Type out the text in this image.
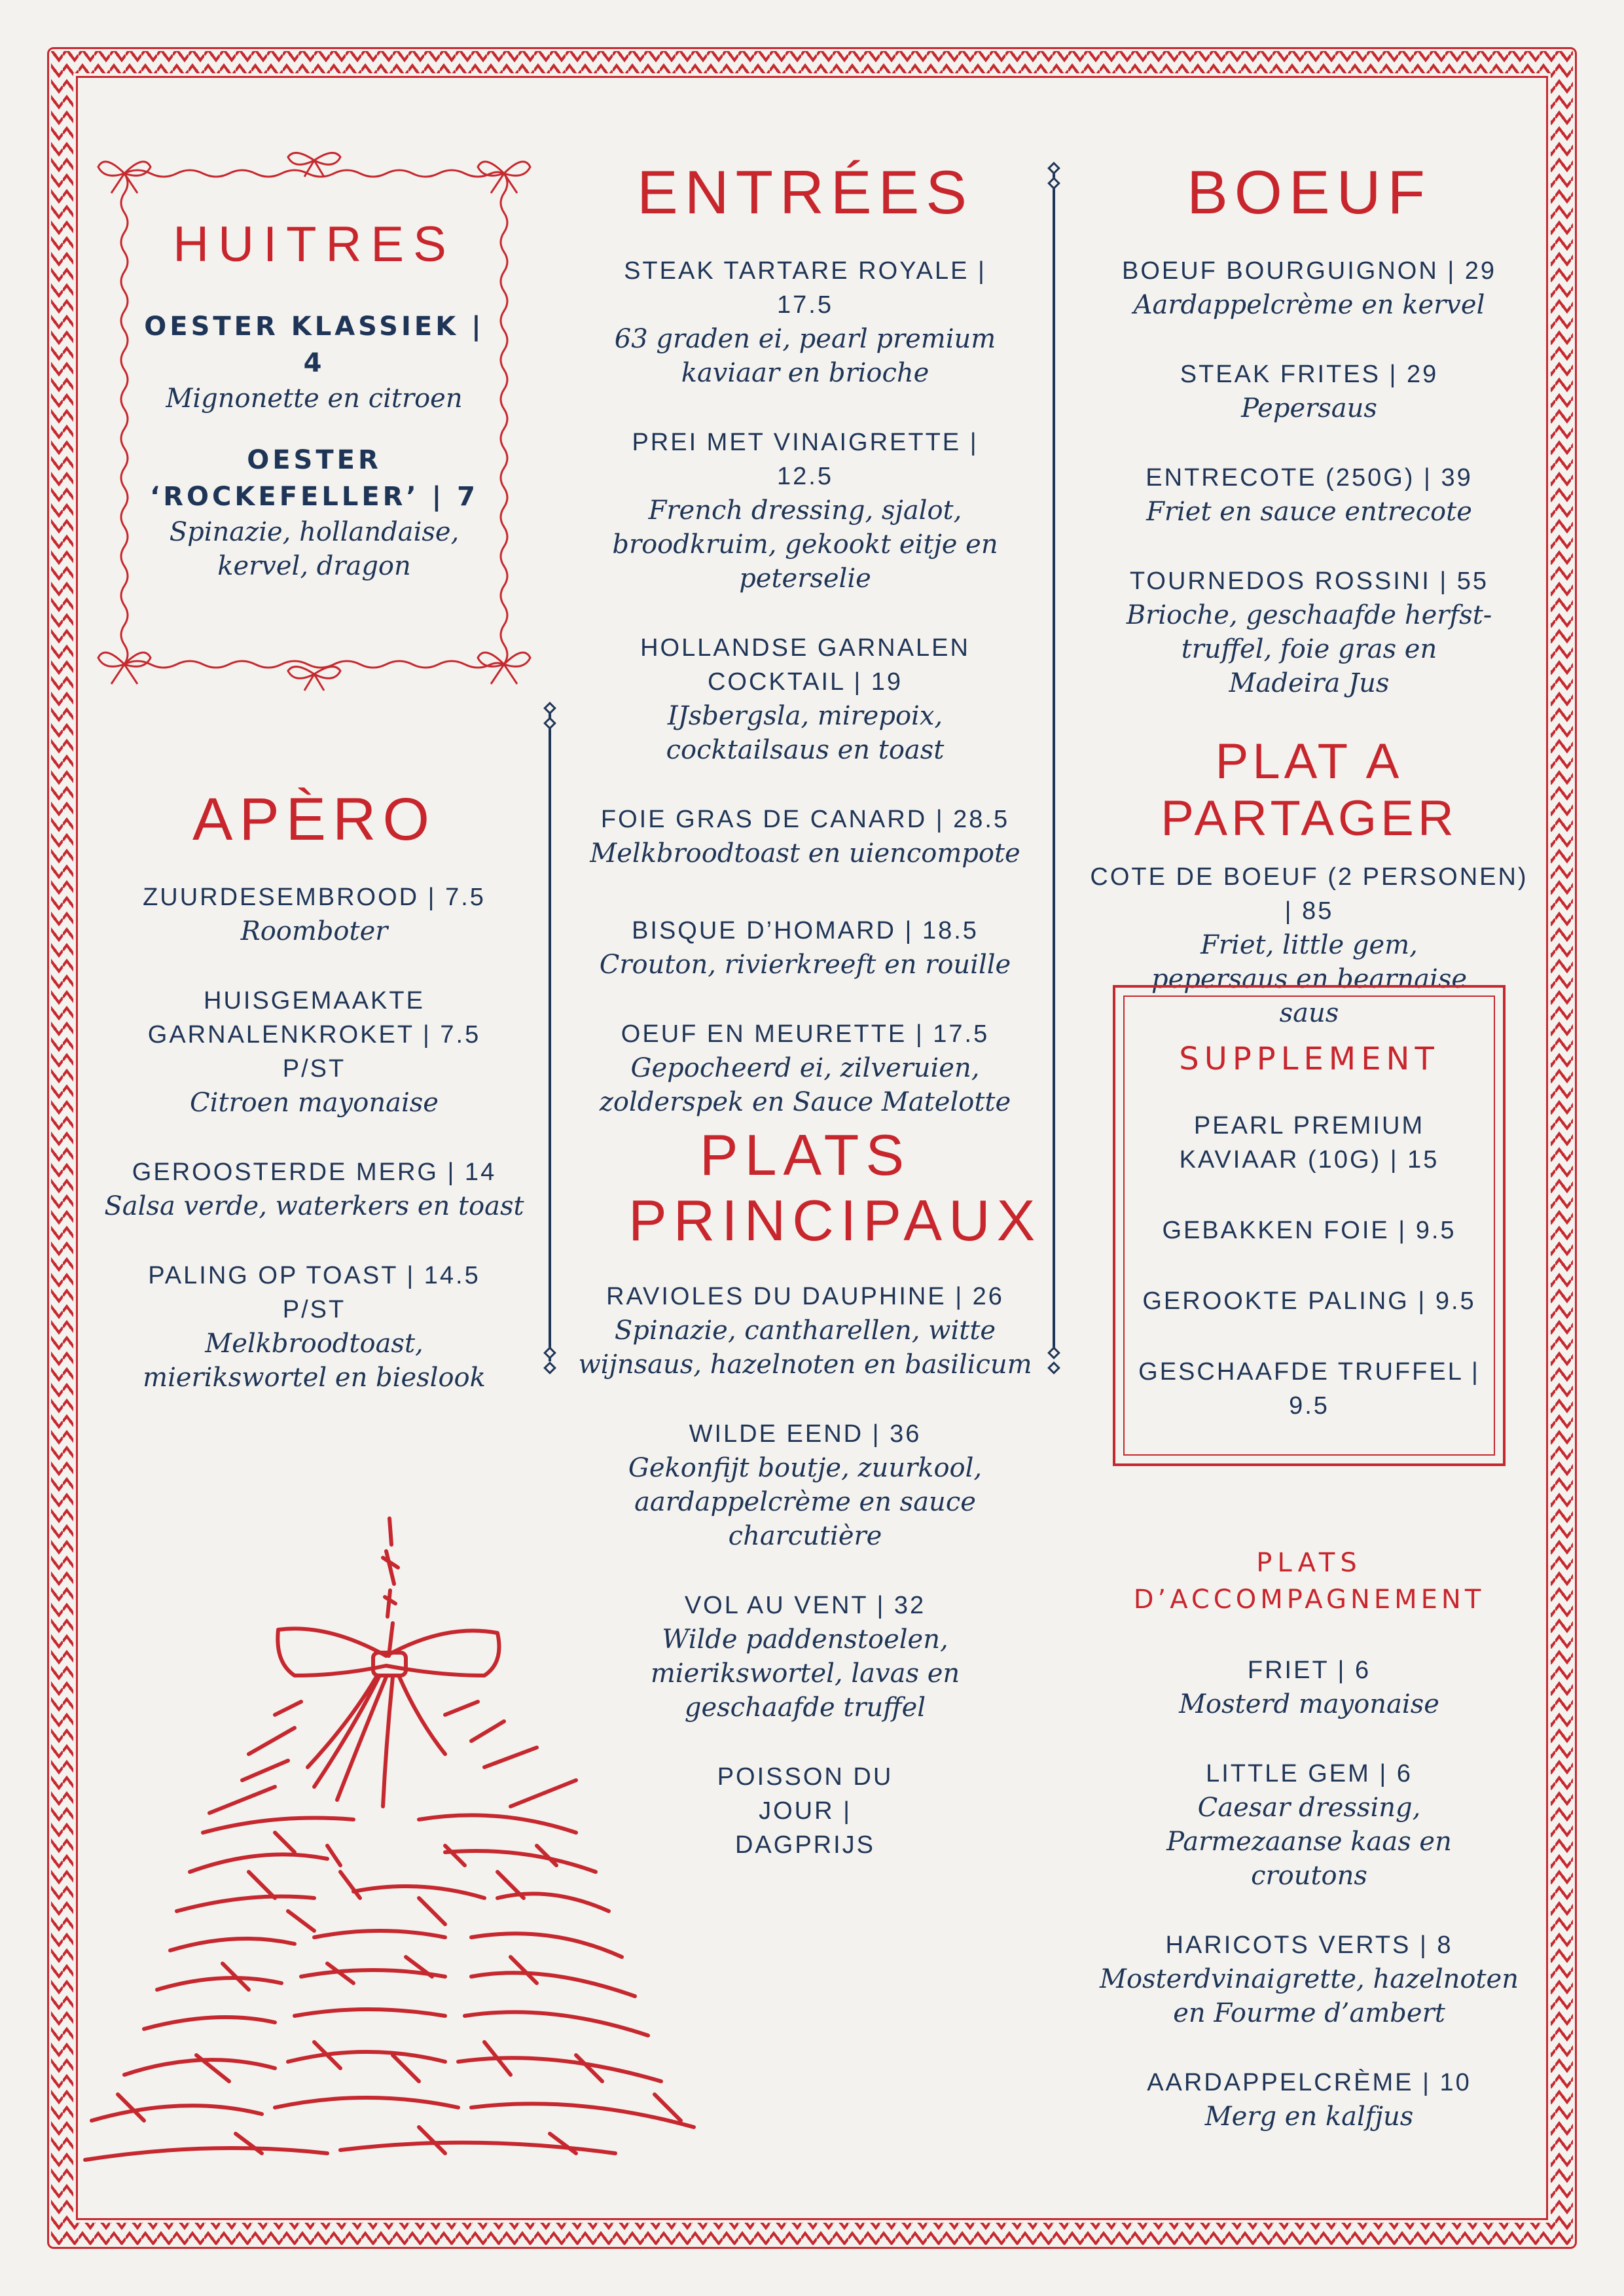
HUITRES
OESTER KLASSIEK | 4
Mignonette en citroen
OESTER ‘ROCKEFELLER’ | 7
Spinazie, hollandaise, kervel, dragon
APÈRO
ZUURDESEMBROOD | 7.5
Roomboter
HUISGEMAAKTE GARNALENKROKET | 7.5 P/ST
Citroen mayonaise
GEROOSTERDE MERG | 14
Salsa verde, waterkers en toast
PALING OP TOAST | 14.5 P/ST
Melkbroodtoast, mierikswortel en bieslook
ENTRÉES
STEAK TARTARE ROYALE | 17.5
63 graden ei, pearl premium kaviaar en brioche
PREI MET VINAIGRETTE | 12.5
French dressing, sjalot, broodkruim, gekookt eitje en peterselie
HOLLANDSE GARNALEN COCKTAIL | 19
IJsbergsla, mirepoix, cocktailsaus en toast
FOIE GRAS DE CANARD | 28.5
Melkbroodtoast en uiencompote
BISQUE D’HOMARD | 18.5
Crouton, rivierkreeft en rouille
OEUF EN MEURETTE | 17.5
Gepocheerd ei, zilveruien, zolderspek en Sauce Matelotte
PLATS PRINCIPAUX
RAVIOLES DU DAUPHINE | 26
Spinazie, cantharellen, witte wijnsaus, hazelnoten en basilicum
WILDE EEND | 36
Gekonfijt boutje, zuurkool, aardappelcrème en sauce charcutière
VOL AU VENT | 32
Wilde paddenstoelen, mierikswortel, lavas en geschaafde truffel
POISSON DU JOUR | DAGPRIJS
BOEUF
BOEUF BOURGUIGNON | 29
Aardappelcrème en kervel
STEAK FRITES | 29
Pepersaus
ENTRECOTE (250G) | 39
Friet en sauce entrecote
TOURNEDOS ROSSINI | 55
Brioche, geschaafde herfst-truffel, foie gras en Madeira Jus
PLAT A PARTAGER
COTE DE BOEUF (2 PERSONEN) | 85
Friet, little gem, pepersaus en bearnaise saus
SUPPLEMENT
PEARL PREMIUM KAVIAAR (10G) | 15
GEBAKKEN FOIE | 9.5
GEROOKTE PALING | 9.5
GESCHAAFDE TRUFFEL | 9.5
PLATS
D’ACCOMPAGNEMENT
FRIET | 6
Mosterd mayonaise
LITTLE GEM | 6
Caesar dressing, Parmezaanse kaas en croutons
HARICOTS VERTS | 8
Mosterdvinaigrette, hazelnoten en Fourme d’ambert
AARDAPPELCRÈME | 10
Merg en kalfjus
